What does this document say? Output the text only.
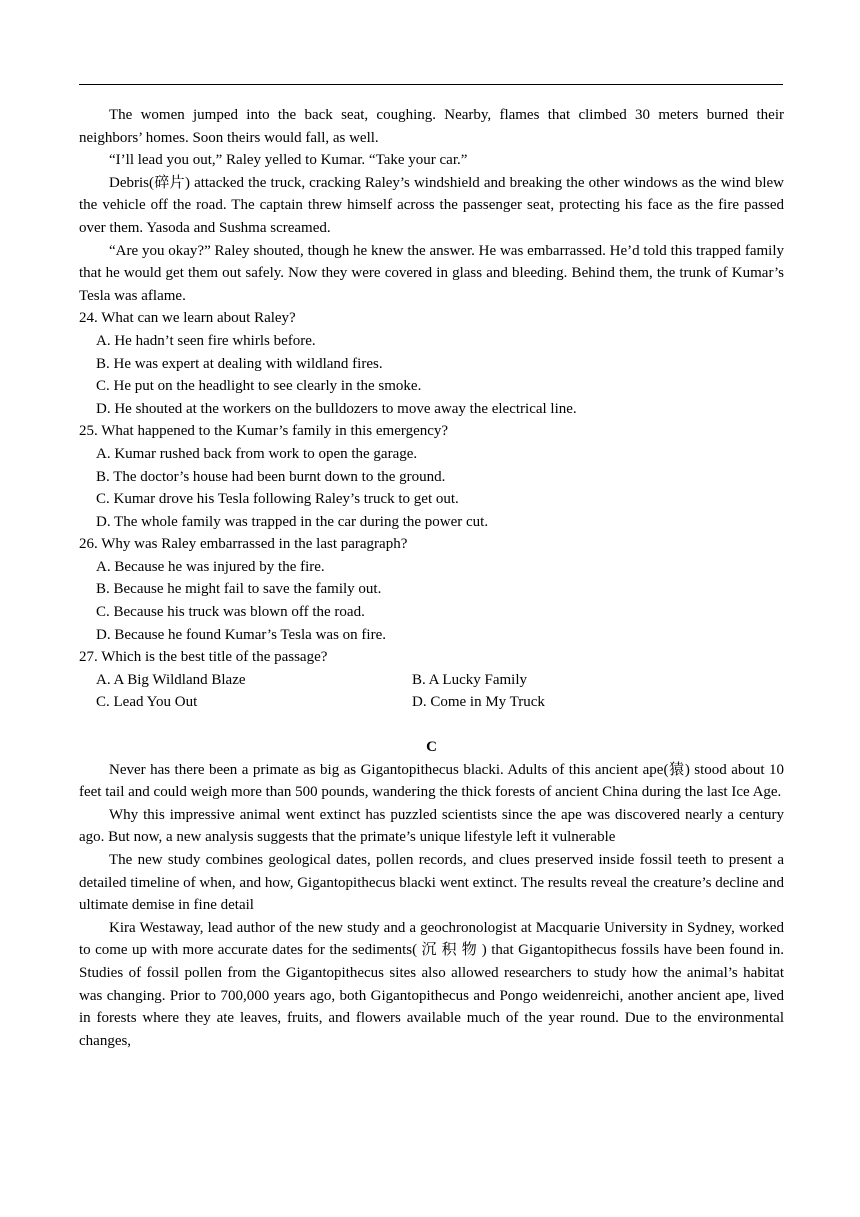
The women jumped into the back seat, coughing. Nearby, flames that climbed 30 meters burned their neighbors’ homes. Soon theirs would fall, as well.

“I’ll lead you out,” Raley yelled to Kumar. “Take your car.”

Debris(碎片) attacked the truck, cracking Raley’s windshield and breaking the other windows as the wind blew the vehicle off the road. The captain threw himself across the passenger seat, protecting his face as the fire passed over them. Yasoda and Sushma screamed.

“Are you okay?” Raley shouted, though he knew the answer. He was embarrassed. He’d told this trapped family that he would get them out safely. Now they were covered in glass and bleeding. Behind them, the trunk of Kumar’s Tesla was aflame.

24. What can we learn about Raley?

A. He hadn’t seen fire whirls before.

B. He was expert at dealing with wildland fires.

C. He put on the headlight to see clearly in the smoke.

D. He shouted at the workers on the bulldozers to move away the electrical line.

25. What happened to the Kumar’s family in this emergency?

A. Kumar rushed back from work to open the garage.

B. The doctor’s house had been burnt down to the ground.

C. Kumar drove his Tesla following Raley’s truck to get out.

D. The whole family was trapped in the car during the power cut.

26. Why was Raley embarrassed in the last paragraph?

A. Because he was injured by the fire.

B. Because he might fail to save the family out.

C. Because his truck was blown off the road.

D. Because he found Kumar’s Tesla was on fire.

27. Which is the best title of the passage?

A. A Big Wildland Blaze	B. A Lucky Family
C. Lead You Out	D. Come in My Truck

C

Never has there been a primate as big as Gigantopithecus blacki. Adults of this ancient ape(猿) stood about 10 feet tail and could weigh more than 500 pounds, wandering the thick forests of ancient China during the last Ice Age.

Why this impressive animal went extinct has puzzled scientists since the ape was discovered nearly a century ago. But now, a new analysis suggests that the primate’s unique lifestyle left it vulnerable

The new study combines geological dates, pollen records, and clues preserved inside fossil teeth to present a detailed timeline of when, and how, Gigantopithecus blacki went extinct. The results reveal the creature’s decline and ultimate demise in fine detail

Kira Westaway, lead author of the new study and a geochronologist at Macquarie University in Sydney, worked to come up with more accurate dates for the sediments( 沉 积 物 ) that Gigantopithecus fossils have been found in. Studies of fossil pollen from the Gigantopithecus sites also allowed researchers to study how the animal’s habitat was changing. Prior to 700,000 years ago, both Gigantopithecus and Pongo weidenreichi, another ancient ape, lived in forests where they ate leaves, fruits, and flowers available much of the year round. Due to the environmental changes,
